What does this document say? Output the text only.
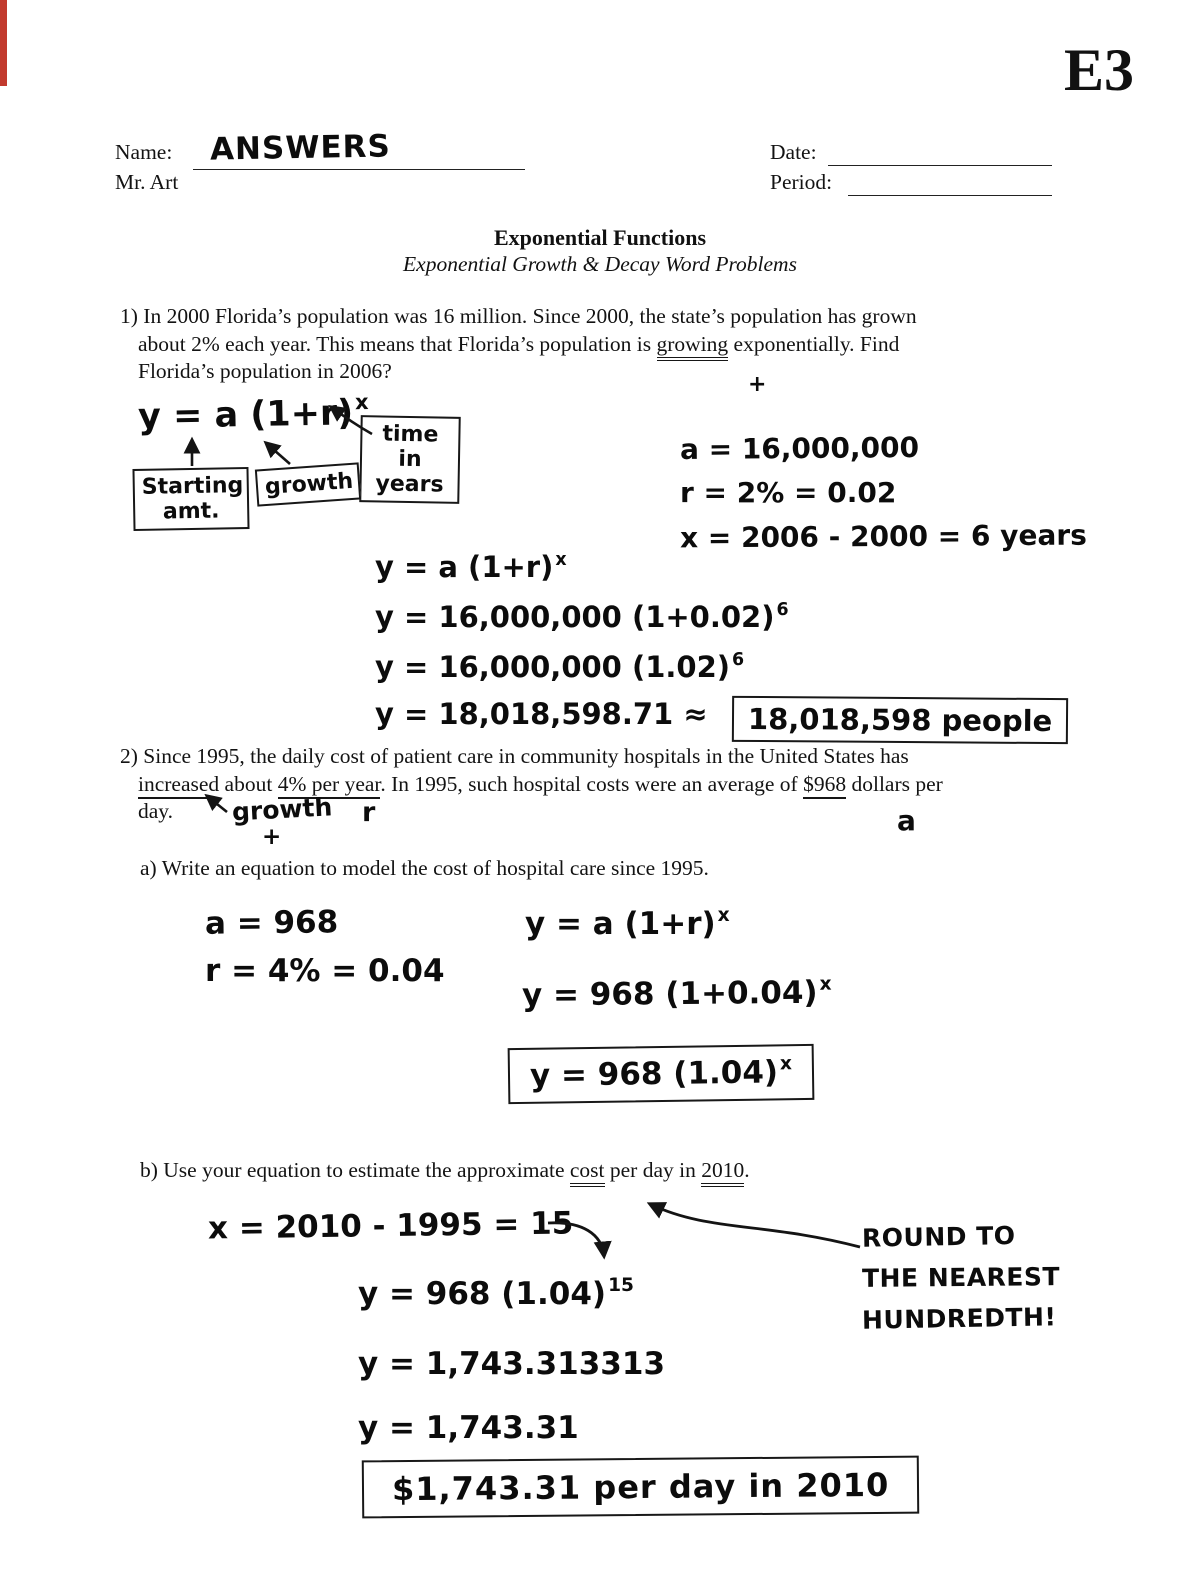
E3
Name: ANSWERS
Mr. Art
Date:
Period:
Exponential Functions
Exponential Growth & Decay Word Problems
1) In 2000 Florida’s population was 16 million. Since 2000, the state’s population has grown
about 2% each year. This means that Florida’s population is growing exponentially. Find
Florida’s population in 2006?
+
y = a $(1+r)^x$
time
in
years
Starting
amt.
growth
a = 16,000,000
r = 2% = 0.02
x = 2006 - 2000 = 6 years
y = a (1+r) $^x$
y = 16,000,000 (1+0.02) $^6$
y = 16,000,000 (1.02) $^6$
y = 18,018,598.71 ≈ 18,018,598 people
2) Since 1995, the daily cost of patient care in community hospitals in the United States has
increased about 4% per year. In 1995, such hospital costs were an average of $968 dollars per
day.	growth
+
r	a
a) Write an equation to model the cost of hospital care since 1995.
a = 968
r = 4% = 0.04
y = a (1+r) $^x$
y = 968 $(1+0.04)^x$
y = 968 $(1.04)^x$
b) Use your equation to estimate the approximate cost per day in 2010.
x = 2010 - 1995 = 15	ROUND TO
THE NEAREST
HUNDREDTH!
y = 968 (1.04) $^{15}$
y = 1,743.313313
y = 1,743.31
$1,743.31 per day in 2010
